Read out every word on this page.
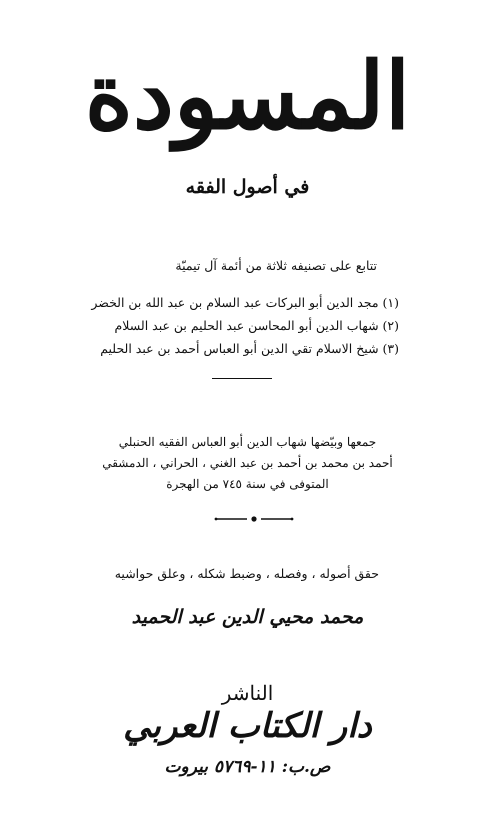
المسودة
في أصول الفقه
تتابع على تصنيفه ثلاثة من أئمة آل تيميّة
(١) مجد الدين أبو البركات عبد السلام بن عبد الله بن الخضر
(٢) شهاب الدين أبو المحاسن عبد الحليم بن عبد السلام
(٣) شيخ الاسلام تقي الدين أبو العباس أحمد بن عبد الحليم
جمعها وبيّضها شهاب الدين أبو العباس الفقيه الحنبلي
أحمد بن محمد بن أحمد بن عبد الغني ، الحراني ، الدمشقي
المتوفى في سنة ٧٤٥ من الهجرة
حقق أصوله ، وفصله ، وضبط شكله ، وعلق حواشيه
محمد محيي الدين عبد الحميد
الناشر
دار الكتاب العربي
ص.ب: ١١-٥٧٦٩ بيروت
